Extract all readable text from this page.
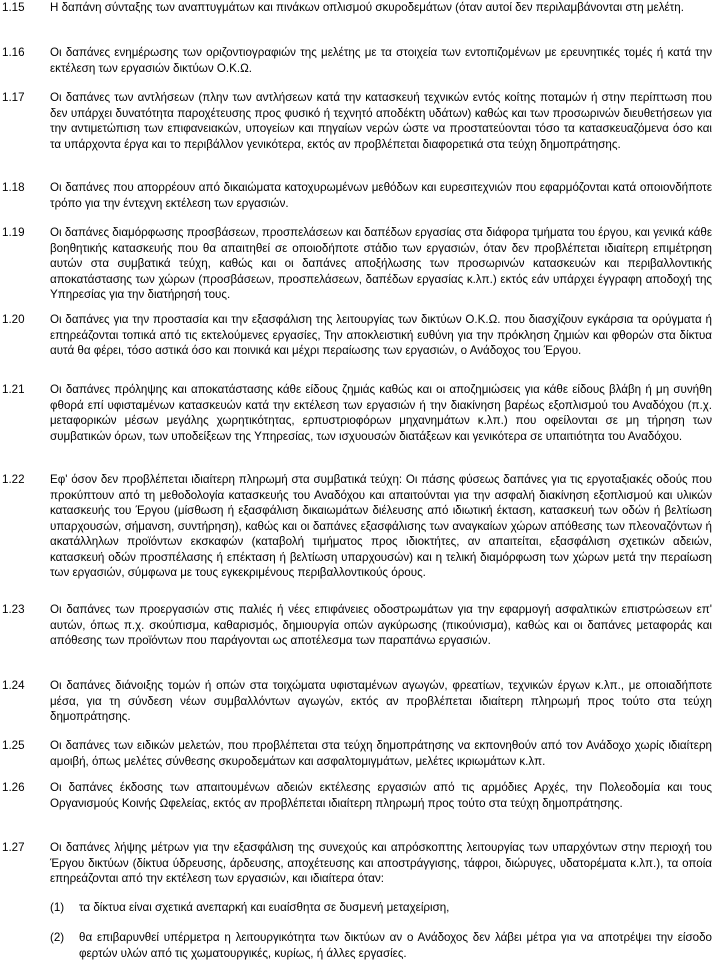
1.15	Η δαπάνη σύνταξης των αναπτυγμάτων και πινάκων οπλισμού σκυροδεμάτων (όταν αυτοί δεν περιλαμβάνονται στη μελέτη.
1.16	Οι δαπάνες ενημέρωσης των οριζοντιογραφιών της μελέτης με τα στοιχεία των εντοπιζομένων με ερευνητικές τομές ή κατά την εκτέλεση των εργασιών δικτύων Ο.Κ.Ω.
1.17	Οι δαπάνες των αντλήσεων (πλην των αντλήσεων κατά την κατασκευή τεχνικών εντός κοίτης ποταμών ή στην περίπτωση που δεν υπάρχει δυνατότητα παροχέτευσης προς φυσικό ή τεχνητό αποδέκτη υδάτων) καθώς και των προσωρινών διευθετήσεων για την αντιμετώπιση των επιφανειακών, υπογείων και πηγαίων νερών ώστε να προστατεύονται τόσο τα κατασκευαζόμενα όσο και τα υπάρχοντα έργα και το περιβάλλον γενικότερα, εκτός αν προβλέπεται διαφορετικά στα τεύχη δημοπράτησης.
1.18	Οι δαπάνες που απορρέουν από δικαιώματα κατοχυρωμένων μεθόδων και ευρεσιτεχνιών που εφαρμόζονται κατά οποιονδήποτε τρόπο για την έντεχνη εκτέλεση των εργασιών.
1.19	Οι δαπάνες διαμόρφωσης προσβάσεων, προσπελάσεων και δαπέδων εργασίας στα διάφορα τμήματα του έργου, και γενικά κάθε βοηθητικής κατασκευής που θα απαιτηθεί σε οποιοδήποτε στάδιο των εργασιών, όταν δεν προβλέπεται ιδιαίτερη επιμέτρηση αυτών στα συμβατικά τεύχη, καθώς και οι δαπάνες αποξήλωσης των προσωρινών κατασκευών και περιβαλλοντικής αποκατάστασης των χώρων (προσβάσεων, προσπελάσεων, δαπέδων εργασίας κ.λπ.) εκτός εάν υπάρχει έγγραφη αποδοχή της Υπηρεσίας για την διατήρησή τους.
1.20	Οι δαπάνες για την προστασία και την εξασφάλιση της λειτουργίας των δικτύων Ο.Κ.Ω. που διασχίζουν εγκάρσια τα ορύγματα ή επηρεάζονται τοπικά από τις εκτελούμενες εργασίες, Την αποκλειστική ευθύνη για την πρόκληση ζημιών και φθορών στα δίκτυα αυτά θα φέρει, τόσο αστικά όσο και ποινικά και μέχρι περαίωσης των εργασιών, ο Ανάδοχος του Έργου.
1.21	Οι δαπάνες πρόληψης και αποκατάστασης κάθε είδους ζημιάς καθώς και οι αποζημιώσεις για κάθε είδους βλάβη ή μη συνήθη φθορά επί υφισταμένων κατασκευών κατά την εκτέλεση των εργασιών ή την διακίνηση βαρέως εξοπλισμού του Αναδόχου (π.χ. μεταφορικών μέσων μεγάλης χωρητικότητας, ερπυστριοφόρων μηχανημάτων κ.λπ.) που οφείλονται σε μη τήρηση των συμβατικών όρων, των υποδείξεων της Υπηρεσίας, των ισχυουσών διατάξεων και γενικότερα σε υπαιτιότητα του Αναδόχου.
1.22	Εφ' όσον δεν προβλέπεται ιδιαίτερη πληρωμή στα συμβατικά τεύχη: Οι πάσης φύσεως δαπάνες για τις εργοταξιακές οδούς που προκύπτουν από τη μεθοδολογία κατασκευής του Αναδόχου και απαιτούνται για την ασφαλή διακίνηση εξοπλισμού και υλικών κατασκευής του Έργου (μίσθωση ή εξασφάλιση δικαιωμάτων διέλευσης από ιδιωτική έκταση, κατασκευή των οδών ή βελτίωση υπαρχουσών, σήμανση, συντήρηση), καθώς και οι δαπάνες εξασφάλισης των αναγκαίων χώρων απόθεσης των πλεοναζόντων ή ακατάλληλων προϊόντων εκσκαφών (καταβολή τιμήματος προς ιδιοκτήτες, αν απαιτείται, εξασφάλιση σχετικών αδειών, κατασκευή οδών προσπέλασης ή επέκταση ή βελτίωση υπαρχουσών) και η τελική διαμόρφωση των χώρων μετά την περαίωση των εργασιών, σύμφωνα με τους εγκεκριμένους περιβαλλοντικούς όρους.
1.23	Οι δαπάνες των προεργασιών στις παλιές ή νέες επιφάνειες οδοστρωμάτων για την εφαρμογή ασφαλτικών επιστρώσεων επ' αυτών, όπως π.χ. σκούπισμα, καθαρισμός, δημιουργία οπών αγκύρωσης (πικούνισμα), καθώς και οι δαπάνες μεταφοράς και απόθεσης των προϊόντων που παράγονται ως αποτέλεσμα των παραπάνω εργασιών.
1.24	Οι δαπάνες διάνοιξης τομών ή οπών στα τοιχώματα υφισταμένων αγωγών, φρεατίων, τεχνικών έργων κ.λπ., με οποιαδήποτε μέσα, για τη σύνδεση νέων συμβαλλόντων αγωγών, εκτός αν προβλέπεται ιδιαίτερη πληρωμή προς τούτο στα τεύχη δημοπράτησης.
1.25	Οι δαπάνες των ειδικών μελετών, που προβλέπεται στα τεύχη δημοπράτησης να εκπονηθούν από τον Ανάδοχο χωρίς ιδιαίτερη αμοιβή, όπως μελέτες σύνθεσης σκυροδεμάτων και ασφαλτομιγμάτων, μελέτες ικριωμάτων κ.λπ.
1.26	Οι δαπάνες έκδοσης των απαιτουμένων αδειών εκτέλεσης εργασιών από τις αρμόδιες Αρχές, την Πολεοδομία και τους Οργανισμούς Κοινής Ωφελείας, εκτός αν προβλέπεται ιδιαίτερη πληρωμή προς τούτο στα τεύχη δημοπράτησης.
1.27	Οι δαπάνες λήψης μέτρων για την εξασφάλιση της συνεχούς και απρόσκοπτης λειτουργίας των υπαρχόντων στην περιοχή του Έργου δικτύων (δίκτυα ύδρευσης, άρδευσης, αποχέτευσης και αποστράγγισης, τάφροι, διώρυγες, υδατορέματα κ.λπ.), τα οποία επηρεάζονται από την εκτέλεση των εργασιών, και ιδιαίτερα όταν:
(1)	τα δίκτυα είναι σχετικά ανεπαρκή και ευαίσθητα σε δυσμενή μεταχείριση,
(2)	θα επιβαρυνθεί υπέρμετρα η λειτουργικότητα των δικτύων αν ο Ανάδοχος δεν λάβει μέτρα για να αποτρέψει την είσοδο φερτών υλών από τις χωματουργικές, κυρίως, ή άλλες εργασίες.
